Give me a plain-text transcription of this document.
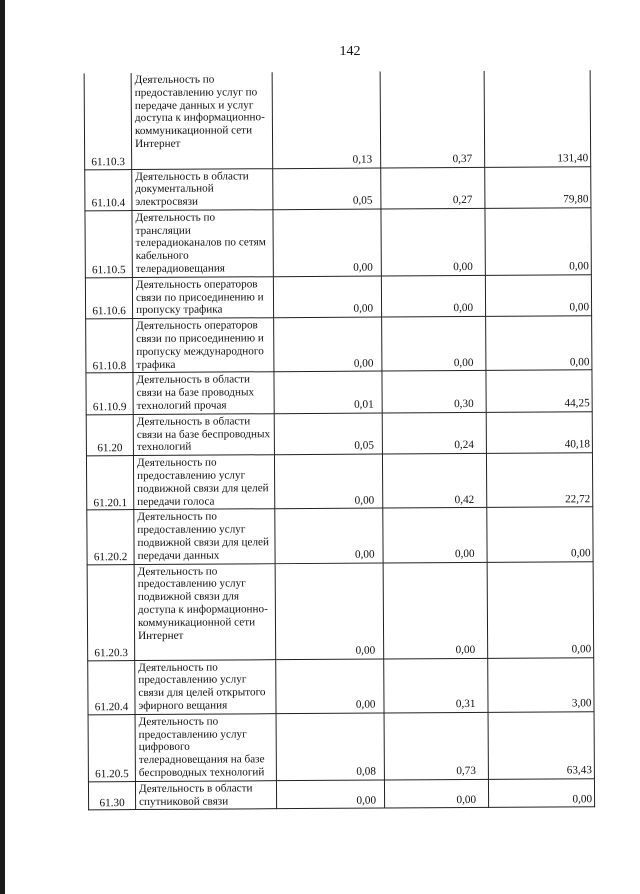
142
61.10.3	Деятельность по предоставлению услуг по передаче данных и услуг доступа к информационно-коммуникационной сети Интернет	0,13	0,37	131,40
61.10.4	Деятельность в области документальной электросвязи	0,05	0,27	79,80
61.10.5	Деятельность по трансляции телерадиоканалов по сетям кабельного телерадиовещания	0,00	0,00	0,00
61.10.6	Деятельность операторов связи по присоединению и пропуску трафика	0,00	0,00	0,00
61.10.8	Деятельность операторов связи по присоединению и пропуску международного трафика	0,00	0,00	0,00
61.10.9	Деятельность в области связи на базе проводных технологий прочая	0,01	0,30	44,25
61.20	Деятельность в области связи на базе беспроводных технологий	0,05	0,24	40,18
61.20.1	Деятельность по предоставлению услуг подвижной связи для целей передачи голоса	0,00	0,42	22,72
61.20.2	Деятельность по предоставлению услуг подвижной связи для целей передачи данных	0,00	0,00	0,00
61.20.3	Деятельность по предоставлению услуг подвижной связи для доступа к информационно-коммуникационной сети Интернет	0,00	0,00	0,00
61.20.4	Деятельность по предоставлению услуг связи для целей открытого эфирного вещания	0,00	0,31	3,00
61.20.5	Деятельность по предоставлению услуг цифрового телерадновещания на базе беспроводных технологий	0,08	0,73	63,43
61.30	Деятельность в области спутниковой связи	0,00	0,00	0,00
